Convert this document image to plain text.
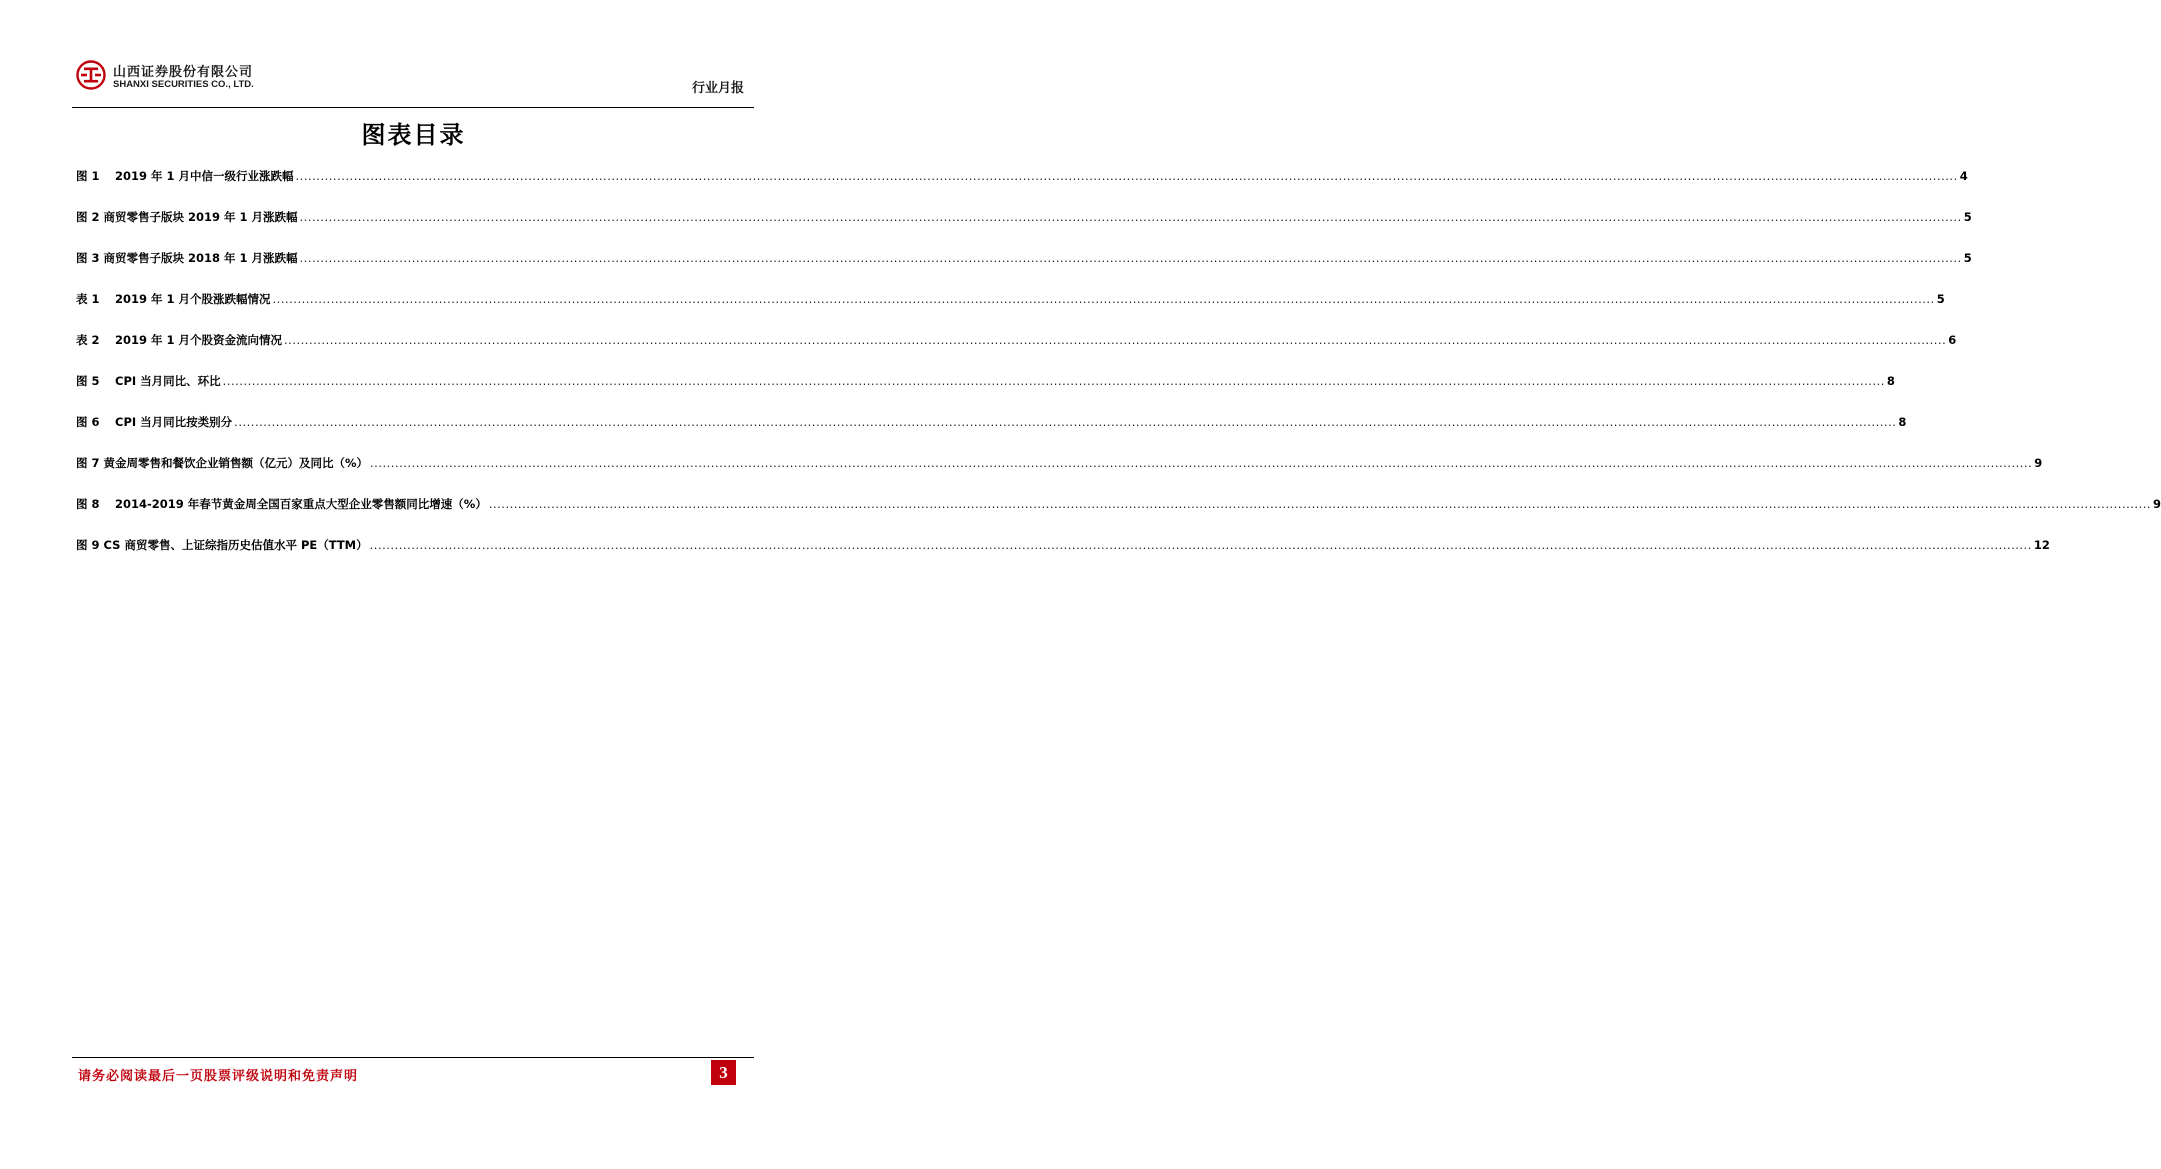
山西证券股份有限公司
SHANXI SECURITIES CO., LTD.	行业月报
图表目录
图 1　 2019 年 1 月中信一级行业涨跌幅 ................................................................................................................................................................................................................................................................................................................................................................................................................ 4
图 2 商贸零售子版块 2019 年 1 月涨跌幅 ................................................................................................................................................................................................................................................................................................................................................................................................................ 5
图 3 商贸零售子版块 2018 年 1 月涨跌幅 ................................................................................................................................................................................................................................................................................................................................................................................................................ 5
表 1　 2019 年 1 月个股涨跌幅情况 ................................................................................................................................................................................................................................................................................................................................................................................................................ 5
表 2　 2019 年 1 月个股资金流向情况 ................................................................................................................................................................................................................................................................................................................................................................................................................ 6
图 5　 CPI 当月同比、环比 ................................................................................................................................................................................................................................................................................................................................................................................................................ 8
图 6　 CPI 当月同比按类别分 ................................................................................................................................................................................................................................................................................................................................................................................................................ 8
图 7 黄金周零售和餐饮企业销售额（亿元）及同比（%） ................................................................................................................................................................................................................................................................................................................................................................................................................ 9
图 8　 2014-2019 年春节黄金周全国百家重点大型企业零售额同比增速（%） ................................................................................................................................................................................................................................................................................................................................................................................................................ 9
图 9 CS 商贸零售、上证综指历史估值水平 PE（TTM） ................................................................................................................................................................................................................................................................................................................................................................................................................ 12
请务必阅读最后一页股票评级说明和免责声明	3
